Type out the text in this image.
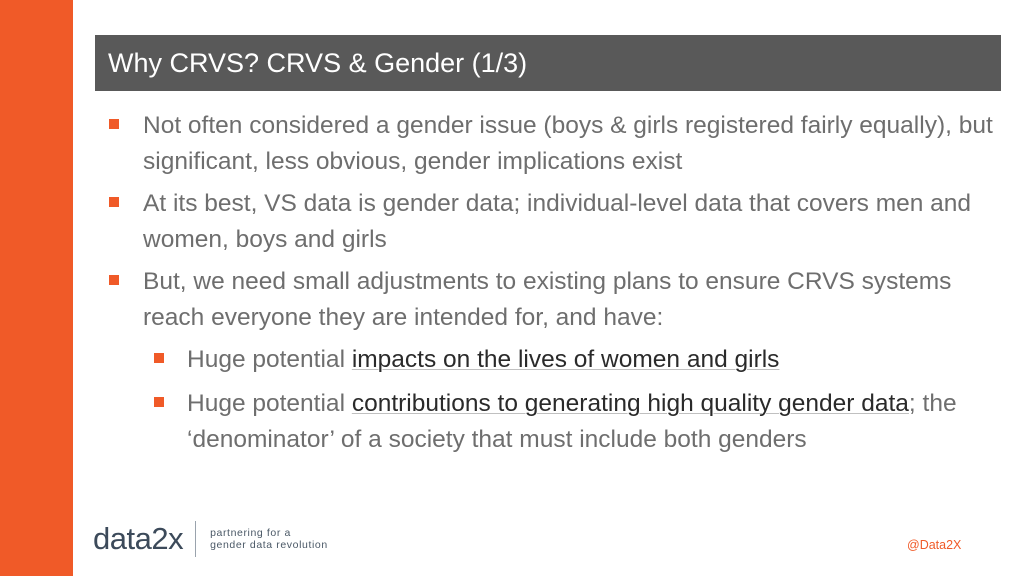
Why CRVS? CRVS & Gender (1/3)
Not often considered a gender issue (boys & girls registered fairly equally), but significant, less obvious, gender implications exist
At its best, VS data is gender data; individual-level data that covers men and women, boys and girls
But, we need small adjustments to existing plans to ensure CRVS systems reach everyone they are intended for, and have:
Huge potential impacts on the lives of women and girls
Huge potential contributions to generating high quality gender data; the ‘denominator’ of a society that must include both genders
data2x	partnering for a
gender data revolution	@Data2X
